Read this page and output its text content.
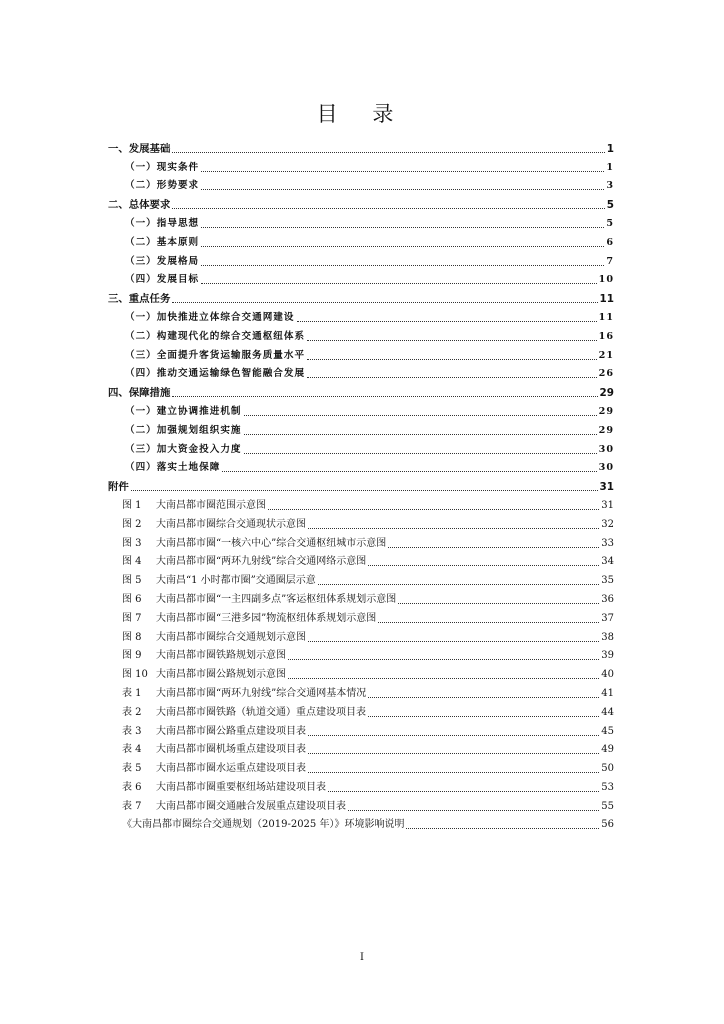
目 录
一、发展基础	1
（一）现实条件	1
（二）形势要求	3
二、总体要求	5
（一）指导思想	5
（二）基本原则	6
（三）发展格局	7
（四）发展目标	10
三、重点任务	11
（一）加快推进立体综合交通网建设	11
（二）构建现代化的综合交通枢纽体系	16
（三）全面提升客货运输服务质量水平	21
（四）推动交通运输绿色智能融合发展	26
四、保障措施	29
（一）建立协调推进机制	29
（二）加强规划组织实施	29
（三）加大资金投入力度	30
（四）落实土地保障	30
附件	31
图 1 大南昌都市圈范围示意图	31
图 2 大南昌都市圈综合交通现状示意图	32
图 3 大南昌都市圈“一核六中心”综合交通枢纽城市示意图	33
图 4 大南昌都市圈“两环九射线”综合交通网络示意图	34
图 5 大南昌“1 小时都市圈”交通圈层示意	35
图 6 大南昌都市圈“一主四副多点”客运枢纽体系规划示意图	36
图 7 大南昌都市圈“三港多园”物流枢纽体系规划示意图	37
图 8 大南昌都市圈综合交通规划示意图	38
图 9 大南昌都市圈铁路规划示意图	39
图 10 大南昌都市圈公路规划示意图	40
表 1 大南昌都市圈“两环九射线”综合交通网基本情况	41
表 2 大南昌都市圈铁路（轨道交通）重点建设项目表	44
表 3 大南昌都市圈公路重点建设项目表	45
表 4 大南昌都市圈机场重点建设项目表	49
表 5 大南昌都市圈水运重点建设项目表	50
表 6 大南昌都市圈重要枢纽场站建设项目表	53
表 7 大南昌都市圈交通融合发展重点建设项目表	55
《大南昌都市圈综合交通规划（2019-2025 年）》环境影响说明	56
I
